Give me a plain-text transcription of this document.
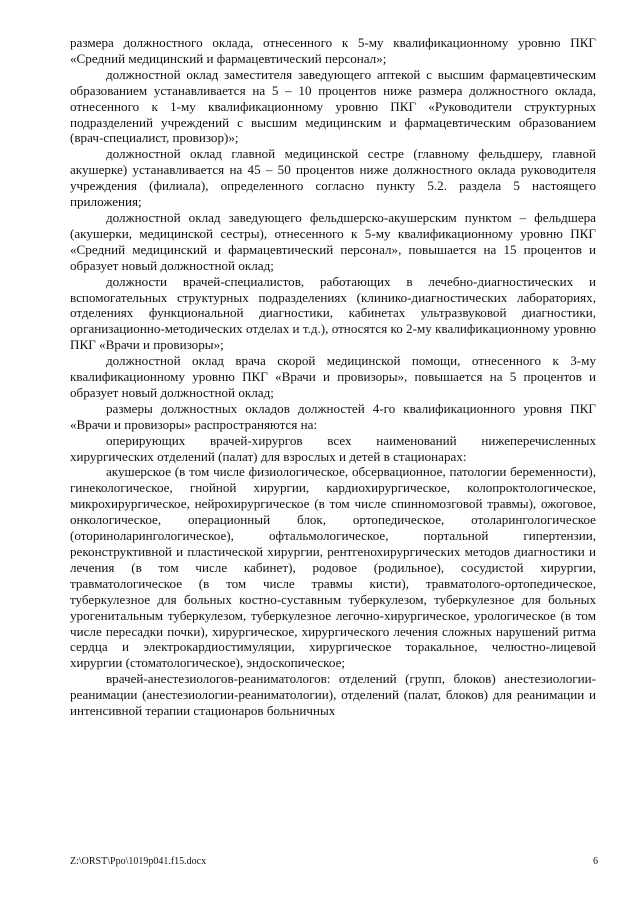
размера должностного оклада, отнесенного к 5-му квалификационному уровню ПКГ «Средний медицинский и фармацевтический персонал»;

должностной оклад заместителя заведующего аптекой с высшим фармацевтическим образованием устанавливается на 5 – 10 процентов ниже размера должностного оклада, отнесенного к 1-му квалификационному уровню ПКГ «Руководители структурных подразделений учреждений с высшим медицинским и фармацевтическим образованием (врач-специалист, провизор)»;

должностной оклад главной медицинской сестре (главному фельдшеру, главной акушерке) устанавливается на 45 – 50 процентов ниже должностного оклада руководителя учреждения (филиала), определенного согласно пункту 5.2. раздела 5 настоящего приложения;

должностной оклад заведующего фельдшерско-акушерским пунктом – фельдшера (акушерки, медицинской сестры), отнесенного к 5-му квалификационному уровню ПКГ «Средний медицинский и фармацевтический персонал», повышается на 15 процентов и образует новый должностной оклад;

должности врачей-специалистов, работающих в лечебно-диагностических и вспомогательных структурных подразделениях (клинико-диагностических лабораториях, отделениях функциональной диагностики, кабинетах ультразвуковой диагностики, организационно-методических отделах и т.д.), относятся ко 2-му квалификационному уровню ПКГ «Врачи и провизоры»;

должностной оклад врача скорой медицинской помощи, отнесенного к 3-му квалификационному уровню ПКГ «Врачи и провизоры», повышается на 5 процентов и образует новый должностной оклад;

размеры должностных окладов должностей 4-го квалификационного уровня ПКГ «Врачи и провизоры» распространяются на:

оперирующих врачей-хирургов всех наименований нижеперечисленных хирургических отделений (палат) для взрослых и детей в стационарах:

акушерское (в том числе физиологическое, обсервационное, патологии беременности), гинекологическое, гнойной хирургии, кардиохирургическое, колопроктологическое, микрохирургическое, нейрохирургическое (в том числе спинномозговой травмы), ожоговое, онкологическое, операционный блок, ортопедическое, отоларингологическое (оториноларингологическое), офтальмологическое, портальной гипертензии, реконструктивной и пластической хирургии, рентгенохирургических методов диагностики и лечения (в том числе кабинет), родовое (родильное), сосудистой хирургии, травматологическое (в том числе травмы кисти), травматолого-ортопедическое, туберкулезное для больных костно-суставным туберкулезом, туберкулезное для больных урогенитальным туберкулезом, туберкулезное легочно-хирургическое, урологическое (в том числе пересадки почки), хирургическое, хирургического лечения сложных нарушений ритма сердца и электрокардиостимуляции, хирургическое торакальное, челюстно-лицевой хирургии (стоматологическое), эндоскопическое;

врачей-анестезиологов-реаниматологов: отделений (групп, блоков) анестезиологии-реанимации (анестезиологии-реаниматологии), отделений (палат, блоков) для реанимации и интенсивной терапии стационаров больничных

Z:\ORST\Ppo\1019p041.f15.docx	6
